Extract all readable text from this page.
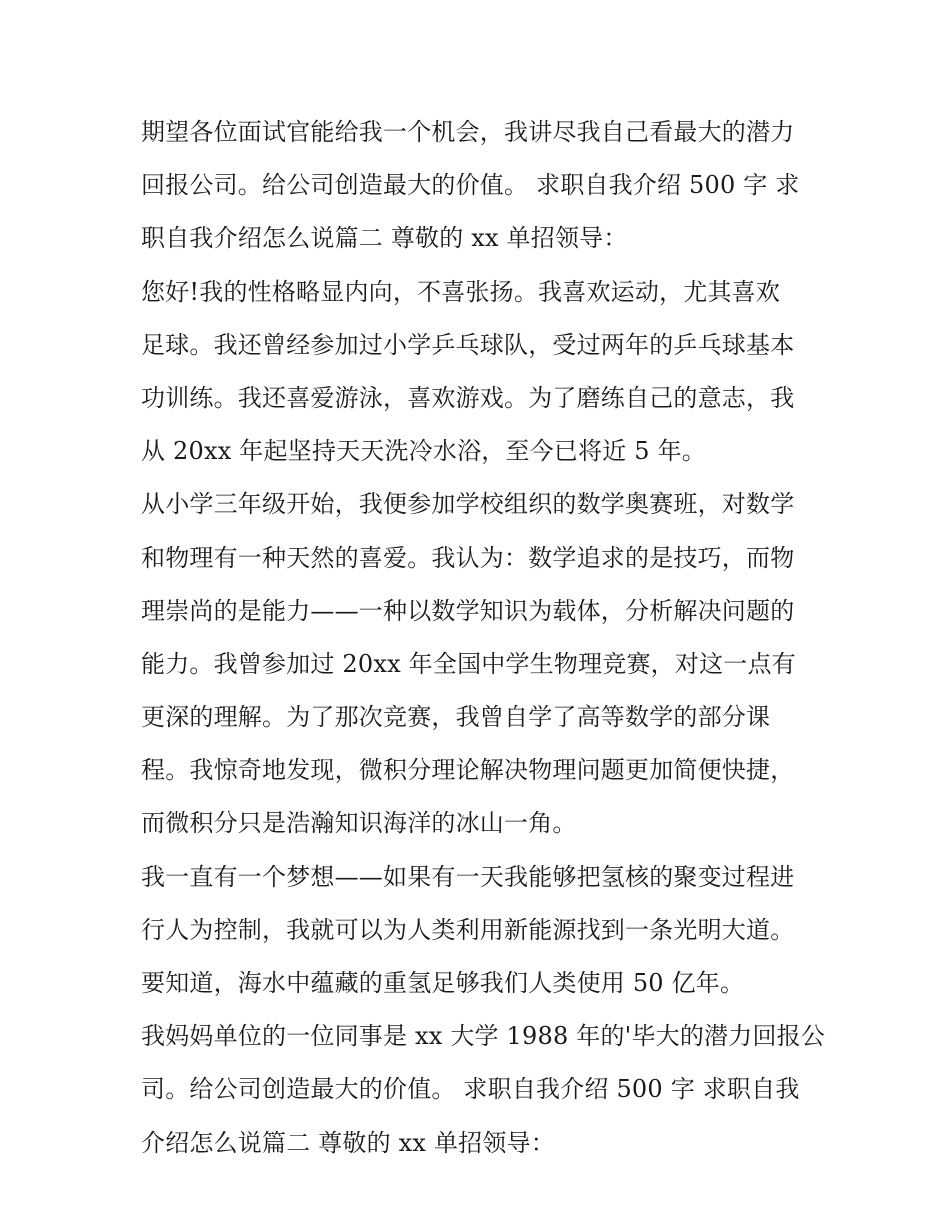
期望各位面试官能给我一个机会，我讲尽我自己看最大的潜力
回报公司。给公司创造最大的价值。 求职自我介绍 500 字 求
职自我介绍怎么说篇二 尊敬的 xx 单招领导：
您好!我的性格略显内向，不喜张扬。我喜欢运动，尤其喜欢
足球。我还曾经参加过小学乒乓球队，受过两年的乒乓球基本
功训练。我还喜爱游泳，喜欢游戏。为了磨练自己的意志，我
从 20xx 年起坚持天天洗冷水浴，至今已将近 5 年。
从小学三年级开始，我便参加学校组织的数学奥赛班，对数学
和物理有一种天然的喜爱。我认为：数学追求的是技巧，而物
理崇尚的是能力——一种以数学知识为载体，分析解决问题的
能力。我曾参加过 20xx 年全国中学生物理竞赛，对这一点有
更深的理解。为了那次竞赛，我曾自学了高等数学的部分课
程。我惊奇地发现，微积分理论解决物理问题更加简便快捷，
而微积分只是浩瀚知识海洋的冰山一角。
我一直有一个梦想——如果有一天我能够把氢核的聚变过程进
行人为控制，我就可以为人类利用新能源找到一条光明大道。
要知道，海水中蕴藏的重氢足够我们人类使用 50 亿年。
我妈妈单位的一位同事是 xx 大学 1988 年的'毕大的潜力回报公
司。给公司创造最大的价值。 求职自我介绍 500 字 求职自我
介绍怎么说篇二 尊敬的 xx 单招领导：
